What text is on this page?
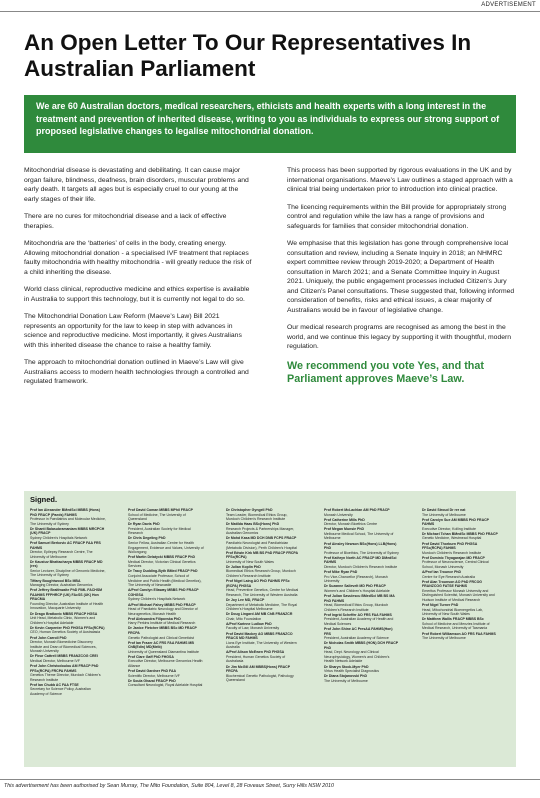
ADVERTISEMENT
An Open Letter To Our Representatives In Australian Parliament
We are 60 Australian doctors, medical researchers, ethicists and health experts with a long interest in the treatment and prevention of inherited disease, writing to you as individuals to express our strong support of proposed legislative changes to legalise mitochondrial donation.

Mitochondrial disease is devastating and debilitating. It can cause major organ failure, blindness, deafness, brain disorders, muscular problems and early death. It targets all ages but is especially cruel to our young at the early stages of their life.

There are no cures for mitochondrial disease and a lack of effective therapies.

Mitochondria are the ‘batteries’ of cells in the body, creating energy. Allowing mitochondrial donation - a specialised IVF treatment that replaces faulty mitochondria with healthy mitochondria - will greatly reduce the risk of a child inheriting the disease.

World class clinical, reproductive medicine and ethics expertise is available in Australia to support this technology, but it is currently not legal to do so.

The Mitochondrial Donation Law Reform (Maeve’s Law) Bill 2021 represents an opportunity for the law to keep in step with advances in science and reproductive medicine. Most importantly, it gives Australians with this inherited disease the chance to raise a healthy family.

The approach to mitochondrial donation outlined in Maeve’s Law will give Australians access to modern health technologies through a controlled and regulated framework.

This process has been supported by rigorous evaluations in the UK and by international organisations. Maeve’s Law outlines a staged approach with a clinical trial being undertaken prior to introduction into clinical practice.

The licencing requirements within the Bill provide for appropriately strong control and regulation while the law has a range of provisions and safeguards for families that consider mitochondrial donation.

We emphasise that this legislation has gone through comprehensive local consultation and review, including a Senate Inquiry in 2018; an NHMRC expert committee review through 2019-2020; a Department of Health consultation in March 2021; and a Senate Committee Inquiry in August 2021. Uniquely, the public engagement processes included Citizen’s Jury and Citizen’s Panel consultations. These suggested that, following informed consideration of benefits, risks and ethical issues, a clear majority of Australians would be in favour of legislative change.

Our medical research programs are recognised as among the best in the world, and we continue this legacy by supporting it with thoughtful, modern regulation.

We recommend you vote Yes, and that Parliament approves Maeve’s Law.
Signed.
Prof Ian Alexander BMedSci MBBS (Hons) PhD FRACP (Paeds) FAHMS
Professor in Paediatrics and Molecular Medicine, The University of Sydney
Dr Shanti Balasubramaniam MBBS MRCPCH (UK) FRACP
Sydney Children's Hospitals Network
Prof Samuel Berkovic AC FRACP FAA FRS FAHMS
Director, Epilepsy Research Centre, The University of Melbourne
Dr Kaustuv Bhattacharya MBBS FRACP MD (res)
Senior Lecturer, Discipline of Genomic Medicine, The University of Sydney
Tiffany Boughtwood BSc MBA
Managing Director, Australian Genomics
Prof Jeffrey Braithwaite PhD FIML FACHSM FAAHMS FFPHRCP (UK) FAcSS (UK) Hon FRACMA
Founding Director, Australian Institute of Health Innovation, Macquarie University
Dr Drago Bratkovic MBBS FRACP HGSA
Unit Head, Metabolic Clinic, Women's and Children's Hospital Adelaide
Dr Kevin Carpenter PhD FHGSA FFSc(RCPA)
CEO, Human Genetics Society of Australasia
Prof John Carroll PhD
Director, Monash Biomedicine Discovery Institute and Dean of Biomedical Sciences, Monash University
Dr Fleur Cattrell MBBS FRANZCOG CREI
Medical Director, Melbourne IVF
Prof John Christodoulou AM FRACP PhD FFSc(RCPA) FRCPA FAHMS
Genetics Theme Director, Murdoch Children's Research Institute
Prof Ian Chubb AC FAA FTSE
Secretary for Science Policy, Australian Academy of Science
Prof David Coman MBBS MPhil FRACP
School of Medicine, The University of Queensland
Dr Ryan Davis PhD
President, Australian Society for Medical Research
Dr Chris Degeling PhD
Senior Fellow, Australian Centre for Health Engagement, Evidence and Values, University of Wollongong
Prof Martin Delatycki MBBS FRACP PhD
Medical Director, Victorian Clinical Genetics Services
Dr Tracy Dudding-Byth BMed FRACP PhD
Conjoint Associate Professor, School of Medicine and Public Health (Medical Genetics), The University of Newcastle
A/Prof Carolyn Ellaway MBBS PhD FRACP CGHGSA
Sydney Children's Hospitals Network
A/Prof Michael Fahey MBBS PhD FRACP
Head of Paediatric Neurology and Director of Neurogenetics, Monash Health
Prof Aleksandra Filipovska PhD
Harry Perkins Institute of Medical Research
Dr Janice Fletcher MBBS BSc MD FRACP FRCPA
Genetic Pathologist and Clinical Geneticist
Prof Ian Frazer AC FRS FAA FAHMS MB ChB(Edin) MD(Melb)
University of Queensland Diamantina Institute
Prof Clare Gaff PhD FHGSA
Executive Director, Melbourne Genomics Health Alliance
Prof David Gardner PhD FAA
Scientific Director, Melbourne IVF
Dr Soula Ghazal FRACP PhD
Consultant Neurologist, Royal Adelaide Hospital
Dr Christopher Gyngell PhD
Team Leader, Biomedical Ethics Group, Murdoch Children's Research Institute
Dr Matilda Haas BSc(Hons) PhD
Research Projects & Partnerships Manager, Australian Genomics
Dr Mohd Kasa MD DCH DNB FCPS FRACP
Paediatric Neurologist and Paediatrician (Metabolic Division), Perth Children's Hospital
Prof Edwin Kirk MB BS PhD FRACP FRCPA FFSc(RCPA)
University of New South Wales
Dr Julian Koplin PhD
Biomedical Ethics Research Group, Murdoch Children's Research Institute
Prof Nigel Laing AO PhD FAHMS FFSc (RCPA) FHGSA
Head, Preventive Genetics, Centre for Medical Research, The University of Western Australia
Dr Joy Lee MD, FRACP
Department of Metabolic Medicine, The Royal Children's Hospital Melbourne
Dr Doug Lingard AM MB ChB FRANZCR
Chair, Mito Foundation
A/Prof Karinne Ludlow PhD
Faculty of Law, Monash University
Prof David Mackey AO MBBS FRANZCO FRACS MD FAHMS
Lions Eye Institute, The University of Western Australia
A/Prof Alison McEwen PhD FHGSA
President, Human Genetics Society of Australasia
Dr Jim McGill AM MBBS(Hons) FRACP FRCPA
Biochemical Genetic Pathologist, Pathology Queensland
Prof Robert McLachlan AM PhD FRACP
Monash University
Prof Catherine Mills PhD
Director, Monash Bioethics Centre
Prof Megan Munsie PhD
Melbourne Medical School, The University of Melbourne
Prof Ainsley Newson BSc(Hons) LLB(Hons) PhD
Professor of Bioethics, The University of Sydney
Prof Kathryn North AC FRACP MD DMedSci FAHMS
Director, Murdoch Children's Research Institute
Prof Mike Ryan PhD
Pro Vice-Chancellor (Research), Monash University
Dr Suzanne Sallevelt MD PhD FRACP
Women's and Children's Hospital Adelaide
Prof Julian Savulescu BMedSci MB BS MA PhD FAHMS
Head, Biomedical Ethics Group, Murdoch Children's Research Institute
Prof Ingrid Scheffer AO FRS FAA FAHMS
President, Australian Academy of Health and Medical Sciences
Prof John Shine AC PresAA FAHMS(Hon) FRS
President, Australian Academy of Science
Dr Nicholas Smith MBBS (HON) DCH FRACP PhD
Head, Dept. Neurology and Clinical Neurophysiology, Women's and Children's Health Network Adelaide
Dr Sharyn Stock-Myer PhD
Virtus Health Specialist Diagnostics
Dr Diana Stojanovski PhD
The University of Melbourne
Dr David Stroud Dr rer nat
The University of Melbourne
Prof Carolyn Sue AM MBBS PhD FRACP FAHMS
Executive Director, Kolling Institute
Dr Michael Tchan BMedSc MBBS PhD FRACP
Genetic Medicine, Westmead Hospital
Prof David Thorburn PhD FHGSA FFSc(RCPA) FAHMS
Murdoch Children's Research Institute
Prof Dominic Thyagarajan MD FRACP
Professor of Neuroscience, Central Clinical School, Monash University
A/Prof Ian Trounce PhD
Centre for Eye Research Australia
Prof Alan Trounson AO PhD FRCOG FRANZCOG FATSE FAHMS
Emeritus Professor Monash University and Distinguished Scientist, Monash University and Hudson Institute of Medical Research
Prof Nigel Turner PhD
Head, Mitochondrial Bioenergetics Lab, University of New South Wales
Dr Matthew Wallis FRACP MBBS BSc
School of Medicine and Menzies Institute of Medical Research, University of Tasmania
Prof Robert Williamson AO FRS FAA FAHMS
The University of Melbourne
This advertisement has been authorised by Sean Murray, The Mito Foundation, Suite 804, Level 8, 28 Foveaux Street, Surry Hills NSW 2010
